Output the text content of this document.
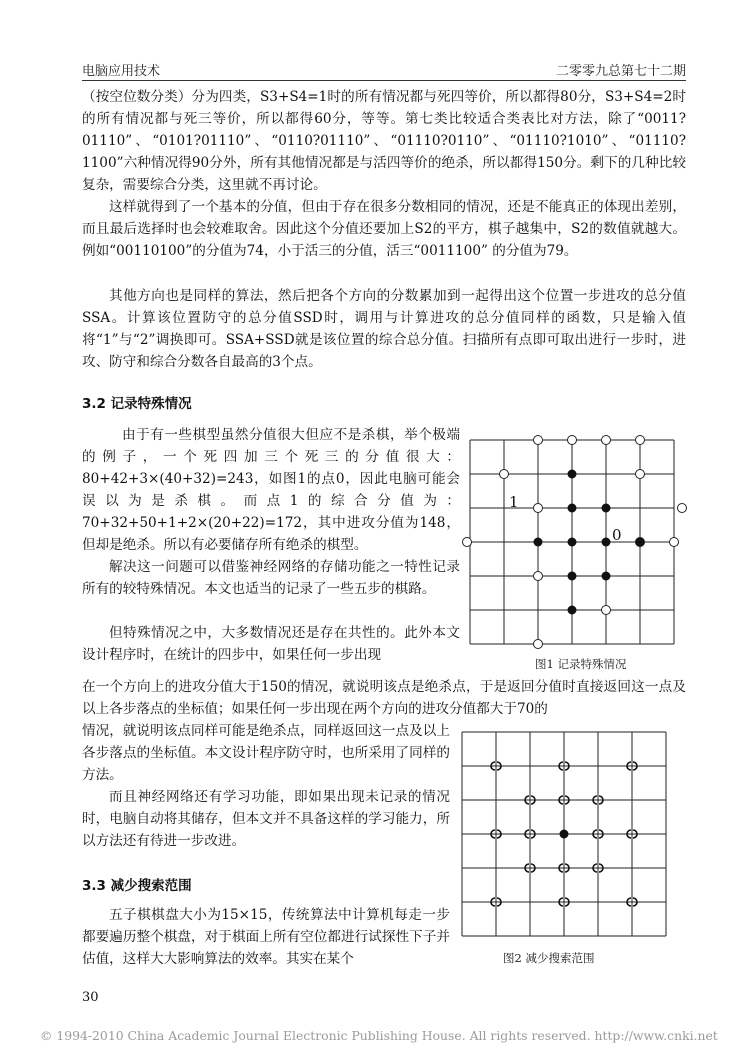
电脑应用技术	二零零九总第七十二期

（按空位数分类）分为四类，S3+S4=1时的所有情况都与死四等价，所以都得80分，S3+S4=2时的所有情况都与死三等价，所以都得60分，等等。第七类比较适合类表比对方法，除了“0011?01110”、“0101?01110”、“0110?01110”、“01110?0110”、“01110?1010”、“01110?1100”六种情况得90分外，所有其他情况都是与活四等价的绝杀，所以都得150分。剩下的几种比较复杂，需要综合分类，这里就不再讨论。

这样就得到了一个基本的分值，但由于存在很多分数相同的情况，还是不能真正的体现出差别，而且最后选择时也会较难取舍。因此这个分值还要加上S2的平方，棋子越集中，S2的数值就越大。例如“00110100”的分值为74，小于活三的分值，活三“0011100” 的分值为79。

其他方向也是同样的算法，然后把各个方向的分数累加到一起得出这个位置一步进攻的总分值SSA。计算该位置防守的总分值SSD时，调用与计算进攻的总分值同样的函数，只是输入值将“1”与“2”调换即可。SSA+SSD就是该位置的综合总分值。扫描所有点即可取出进行一步时，进攻、防守和综合分数各自最高的3个点。

3.2 记录特殊情况

由于有一些棋型虽然分值很大但应不是杀棋，举个极端的例子，一个死四加三个死三的分值很大：80+42+3×(40+32)=243，如图1的点0，因此电脑可能会误以为是杀棋。而点1的综合分值为：70+32+50+1+2×(20+22)=172，其中进攻分值为148，但却是绝杀。所以有必要储存所有绝杀的棋型。

解决这一问题可以借鉴神经网络的存储功能之一特性记录所有的较特殊情况。本文也适当的记录了一些五步的棋路。

但特殊情况之中，大多数情况还是存在共性的。此外本文设计程序时，在统计的四步中，如果任何一步出现

在一个方向上的进攻分值大于150的情况，就说明该点是绝杀点，于是返回分值时直接返回这一点及以上各步落点的坐标值；如果任何一步出现在两个方向的进攻分值都大于70的

情况，就说明该点同样可能是绝杀点，同样返回这一点及以上各步落点的坐标值。本文设计程序防守时，也所采用了同样的方法。

而且神经网络还有学习功能，即如果出现未记录的情况时，电脑自动将其储存，但本文并不具备这样的学习能力，所以方法还有待进一步改进。

3.3 减少搜索范围

五子棋棋盘大小为15×15，传统算法中计算机每走一步都要遍历整个棋盘，对于棋面上所有空位都进行试探性下子并估值，这样大大影响算法的效率。其实在某个

1
0
图1 记录特殊情况
图2 减少搜索范围
30
© 1994-2010 China Academic Journal Electronic Publishing House. All rights reserved. http://www.cnki.net
